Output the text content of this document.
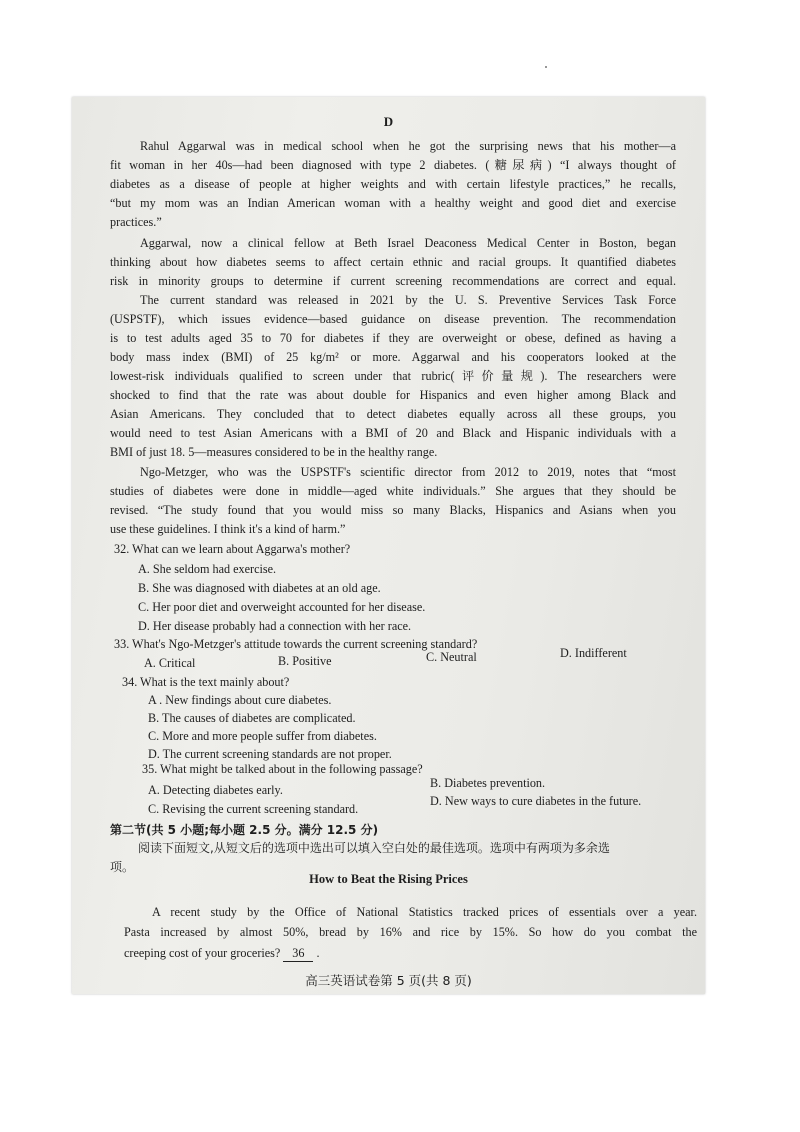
D
Rahul Aggarwal was in medical school when he got the surprising news that his mother—a
fit woman in her 40s—had been diagnosed with type 2 diabetes. (糖尿病) “I always thought of
diabetes as a disease of people at higher weights and with certain lifestyle practices,” he recalls,
“but my mom was an Indian American woman with a healthy weight and good diet and exercise
practices.”
Aggarwal, now a clinical fellow at Beth Israel Deaconess Medical Center in Boston, began
thinking about how diabetes seems to affect certain ethnic and racial groups. It quantified diabetes
risk in minority groups to determine if current screening recommendations are correct and equal.
The current standard was released in 2021 by the U. S. Preventive Services Task Force
(USPSTF), which issues evidence—based guidance on disease prevention. The recommendation
is to test adults aged 35 to 70 for diabetes if they are overweight or obese, defined as having a
body mass index (BMI) of 25 kg/m² or more. Aggarwal and his cooperators looked at the
lowest-risk individuals qualified to screen under that rubric(评价量规). The researchers were
shocked to find that the rate was about double for Hispanics and even higher among Black and
Asian Americans. They concluded that to detect diabetes equally across all these groups, you
would need to test Asian Americans with a BMI of 20 and Black and Hispanic individuals with a
BMI of just 18. 5—measures considered to be in the healthy range.
Ngo-Metzger, who was the USPSTF's scientific director from 2012 to 2019, notes that “most
studies of diabetes were done in middle—aged white individuals.” She argues that they should be
revised. “The study found that you would miss so many Blacks, Hispanics and Asians when you
use these guidelines. I think it's a kind of harm.”
32. What can we learn about Aggarwa's mother?
A. She seldom had exercise.
B. She was diagnosed with diabetes at an old age.
C. Her poor diet and overweight accounted for her disease.
D. Her disease probably had a connection with her race.
33. What's Ngo-Metzger's attitude towards the current screening standard?
A. Critical	B. Positive	C. Neutral	D. Indifferent
34. What is the text mainly about?
A . New findings about cure diabetes.
B. The causes of diabetes are complicated.
C. More and more people suffer from diabetes.
D. The current screening standards are not proper.
35. What might be talked about in the following passage?
A. Detecting diabetes early.	B. Diabetes prevention.
C. Revising the current screening standard.
D. New ways to cure diabetes in the future.
第二节(共 5 小题;每小题 2.5 分。满分 12.5 分)
阅读下面短文,从短文后的选项中选出可以填入空白处的最佳选项。选项中有两项为多余选
项。
How to Beat the Rising Prices
A recent study by the Office of National Statistics tracked prices of essentials over a year.
Pasta increased by almost 50%, bread by 16% and rice by 15%. So how do you combat the
creeping cost of your groceries? 36 .
高三英语试卷第 5 页(共 8 页)
